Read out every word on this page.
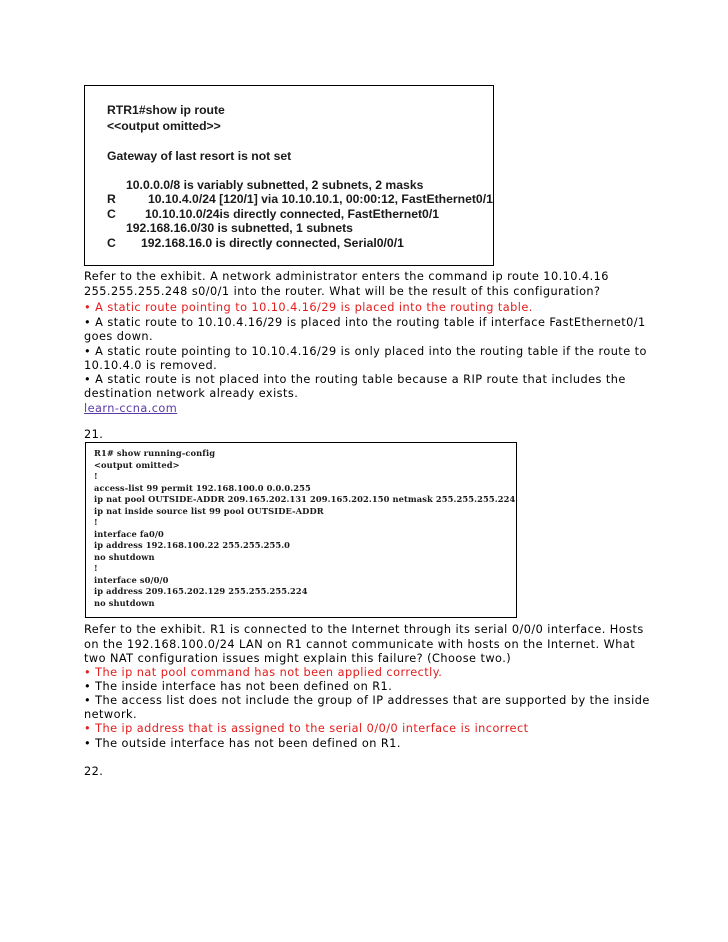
RTR1#show ip route
<<output omitted>>
Gateway of last resort is not set
10.0.0.0/8 is variably subnetted, 2 subnets, 2 masks
R	10.10.4.0/24 [120/1] via 10.10.10.1, 00:00:12, FastEthernet0/1
C	10.10.10.0/24is directly connected, FastEthernet0/1
192.168.16.0/30 is subnetted, 1 subnets
C	192.168.16.0 is directly connected, Serial0/0/1
Refer to the exhibit. A network administrator enters the command ip route 10.10.4.16
255.255.255.248 s0/0/1 into the router. What will be the result of this configuration?
• A static route pointing to 10.10.4.16/29 is placed into the routing table.
• A static route to 10.10.4.16/29 is placed into the routing table if interface FastEthernet0/1
goes down.
• A static route pointing to 10.10.4.16/29 is only placed into the routing table if the route to
10.10.4.0 is removed.
• A static route is not placed into the routing table because a RIP route that includes the
destination network already exists.
learn-ccna.com
21.
R1# show running-config
<output omitted>
!
access-list 99 permit 192.168.100.0 0.0.0.255
ip nat pool OUTSIDE-ADDR 209.165.202.131 209.165.202.150 netmask 255.255.255.224
ip nat inside source list 99 pool OUTSIDE-ADDR
!
interface fa0/0
ip address 192.168.100.22 255.255.255.0
no shutdown
!
interface s0/0/0
ip address 209.165.202.129 255.255.255.224
no shutdown
Refer to the exhibit. R1 is connected to the Internet through its serial 0/0/0 interface. Hosts
on the 192.168.100.0/24 LAN on R1 cannot communicate with hosts on the Internet. What
two NAT configuration issues might explain this failure? (Choose two.)
• The ip nat pool command has not been applied correctly.
• The inside interface has not been defined on R1.
• The access list does not include the group of IP addresses that are supported by the inside
network.
• The ip address that is assigned to the serial 0/0/0 interface is incorrect
• The outside interface has not been defined on R1.
22.
